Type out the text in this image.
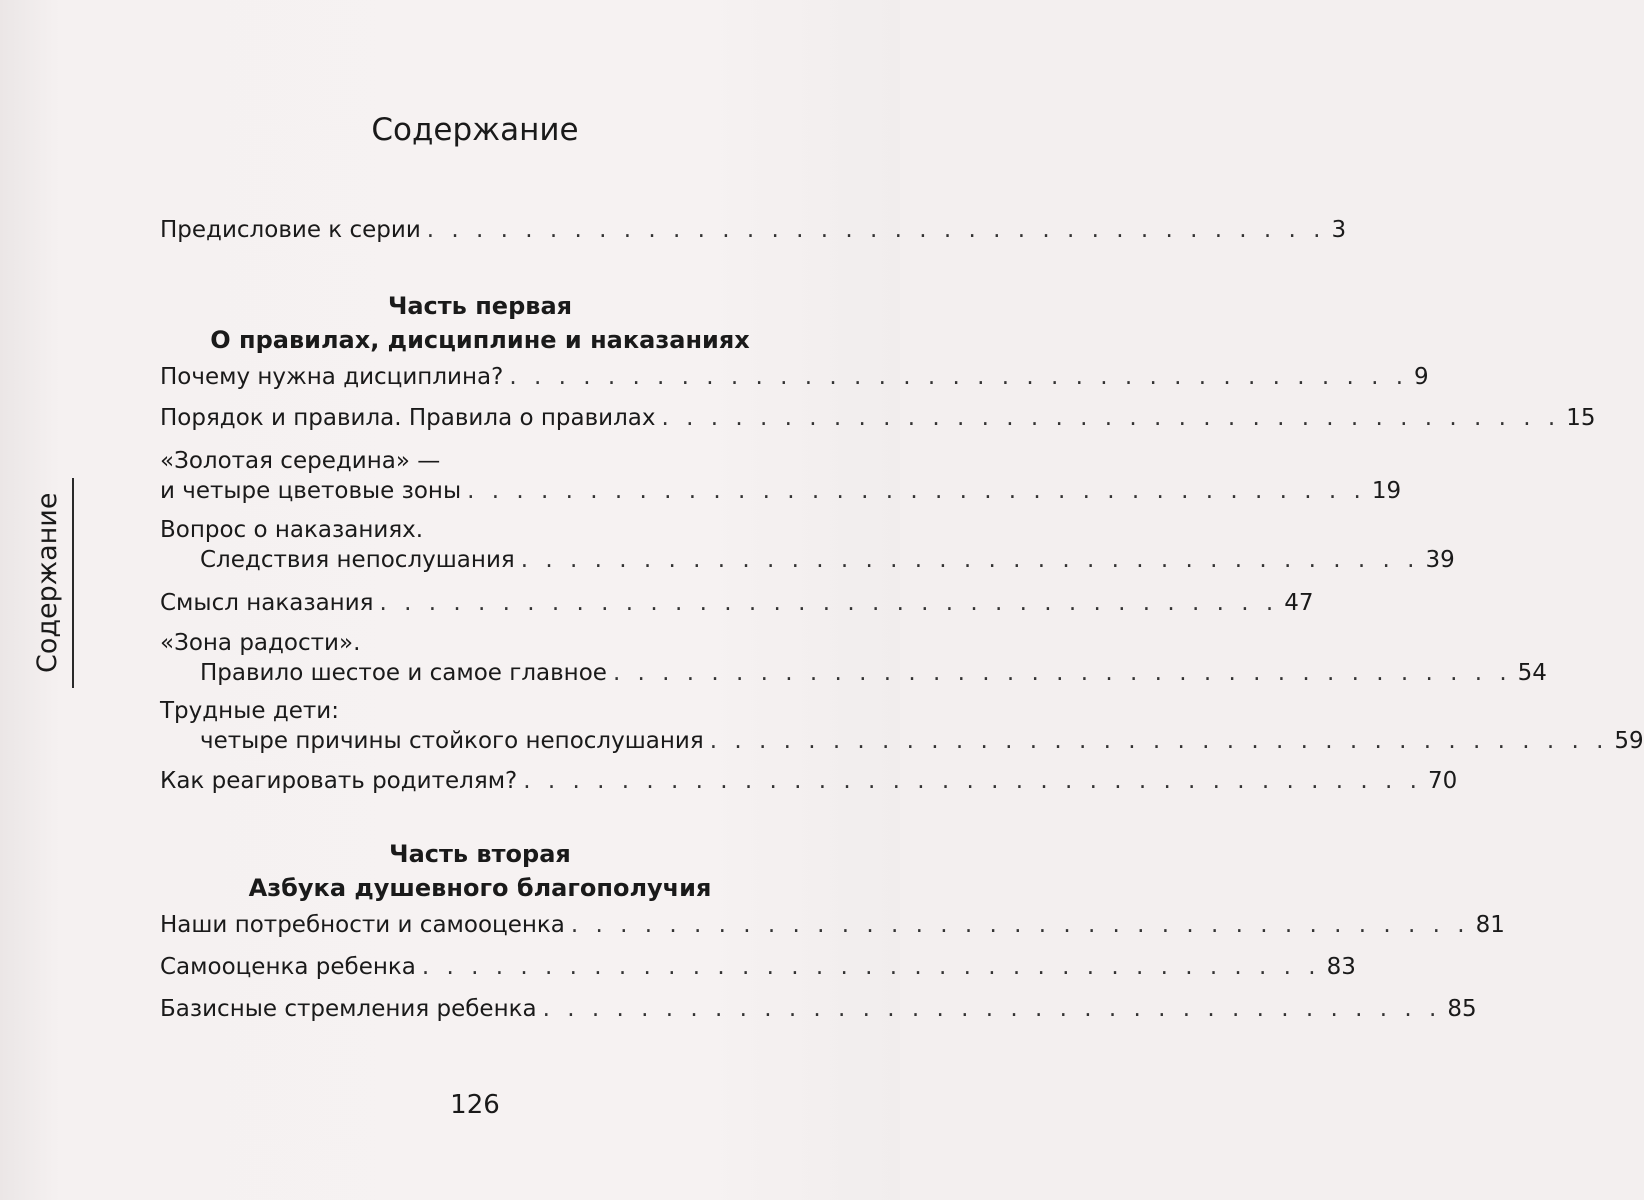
Содержание
Содержание
Предисловие к серии . . . . . . . . . . . . . . . . . . . . . . . . . . . . . . . . . . . . . 3
Часть первая
О правилах, дисциплине и наказаниях
Почему нужна дисциплина? . . . . . . . . . . . . . . . . . . . . . . . . . . . . . . . . . . . . . 9
Порядок и правила. Правила о правилах . . . . . . . . . . . . . . . . . . . . . . . . . . . . . . . . . . . . . 15
«Золотая середина» —
и четыре цветовые зоны . . . . . . . . . . . . . . . . . . . . . . . . . . . . . . . . . . . . . 19
Вопрос о наказаниях.
Следствия непослушания . . . . . . . . . . . . . . . . . . . . . . . . . . . . . . . . . . . . . 39
Смысл наказания . . . . . . . . . . . . . . . . . . . . . . . . . . . . . . . . . . . . . 47
«Зона радости».
Правило шестое и самое главное . . . . . . . . . . . . . . . . . . . . . . . . . . . . . . . . . . . . . 54
Трудные дети:
четыре причины стойкого непослушания . . . . . . . . . . . . . . . . . . . . . . . . . . . . . . . . . . . . . 59
Как реагировать родителям? . . . . . . . . . . . . . . . . . . . . . . . . . . . . . . . . . . . . . 70
Часть вторая
Азбука душевного благополучия
Наши потребности и самооценка . . . . . . . . . . . . . . . . . . . . . . . . . . . . . . . . . . . . . 81
Самооценка ребенка . . . . . . . . . . . . . . . . . . . . . . . . . . . . . . . . . . . . . 83
Базисные стремления ребенка . . . . . . . . . . . . . . . . . . . . . . . . . . . . . . . . . . . . . 85
126
